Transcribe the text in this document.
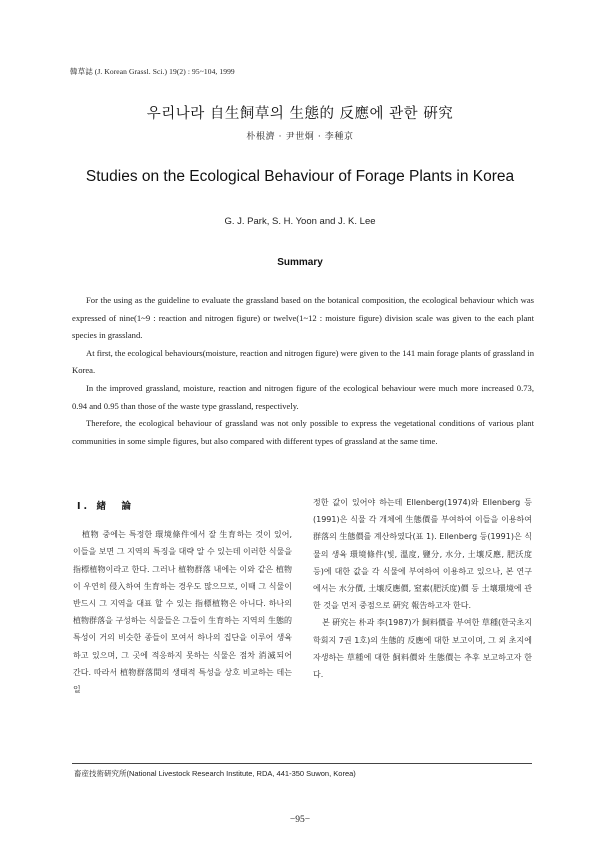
韓草誌 (J. Korean Grassl. Sci.) 19(2) : 95~104, 1999
우리나라 自生飼草의 生態的 反應에 관한 硏究
朴根濟 · 尹世炯 · 李種京
Studies on the Ecological Behaviour of Forage Plants in Korea
G. J. Park, S. H. Yoon and J. K. Lee
Summary

For the using as the guideline to evaluate the grassland based on the botanical composition, the ecological behaviour which was expressed of nine(1~9 : reaction and nitrogen figure) or twelve(1~12 : moisture figure) division scale was given to the each plant species in grassland.

At first, the ecological behaviours(moisture, reaction and nitrogen figure) were given to the 141 main forage plants of grassland in Korea.

In the improved grassland, moisture, reaction and nitrogen figure of the ecological behaviour were much more increased 0.73, 0.94 and 0.95 than those of the waste type grassland, respectively.

Therefore, the ecological behaviour of grassland was not only possible to express the vegetational conditions of various plant communities in some simple figures, but also compared with different types of grassland at the same time.

I. 緖　論

植物 중에는 특정한 環境條件에서 잘 生育하는 것이 있어, 이들을 보면 그 지역의 특징을 대략 알 수 있는데 이러한 식물을 指標植物이라고 한다. 그러나 植物群落 내에는 이와 같은 植物이 우연히 侵入하여 生育하는 경우도 많으므로, 이때 그 식물이 반드시 그 지역을 대표 할 수 있는 指標植物은 아니다. 하나의 植物群落을 구성하는 식물들은 그들이 生育하는 지역의 生態的 특성이 거의 비슷한 종들이 모여서 하나의 집단을 이루어 생육하고 있으며, 그 곳에 적응하지 못하는 식물은 점차 消滅되어 간다. 따라서 植物群落間의 생태적 특성을 상호 비교하는 데는 일

정한 값이 있어야 하는데 Ellenberg(1974)와 Ellenberg 등(1991)은 식물 각 개체에 生態價를 부여하여 이들을 이용하여 群落의 生態價를 계산하였다(표 1). Ellenberg 등(1991)은 식물의 생육 環境條件(빛, 溫度, 鹽分, 水分, 土壤反應, 肥沃度 등)에 대한 값을 각 식물에 부여하여 이용하고 있으나, 본 연구에서는 水分價, 土壤反應價, 窒素(肥沃度)價 등 土壤環境에 관한 것을 먼저 중점으로 硏究 報告하고자 한다.

본 硏究는 朴과 李(1987)가 飼料價를 부여한 草種(한국초지학회지 7권 1호)의 生態的 反應에 대한 보고이며, 그 외 초지에 자생하는 草種에 대한 飼料價와 生態價는 추후 보고하고자 한다.

畜産技術硏究所(National Livestock Research Institute, RDA, 441-350 Suwon, Korea)
−95−
